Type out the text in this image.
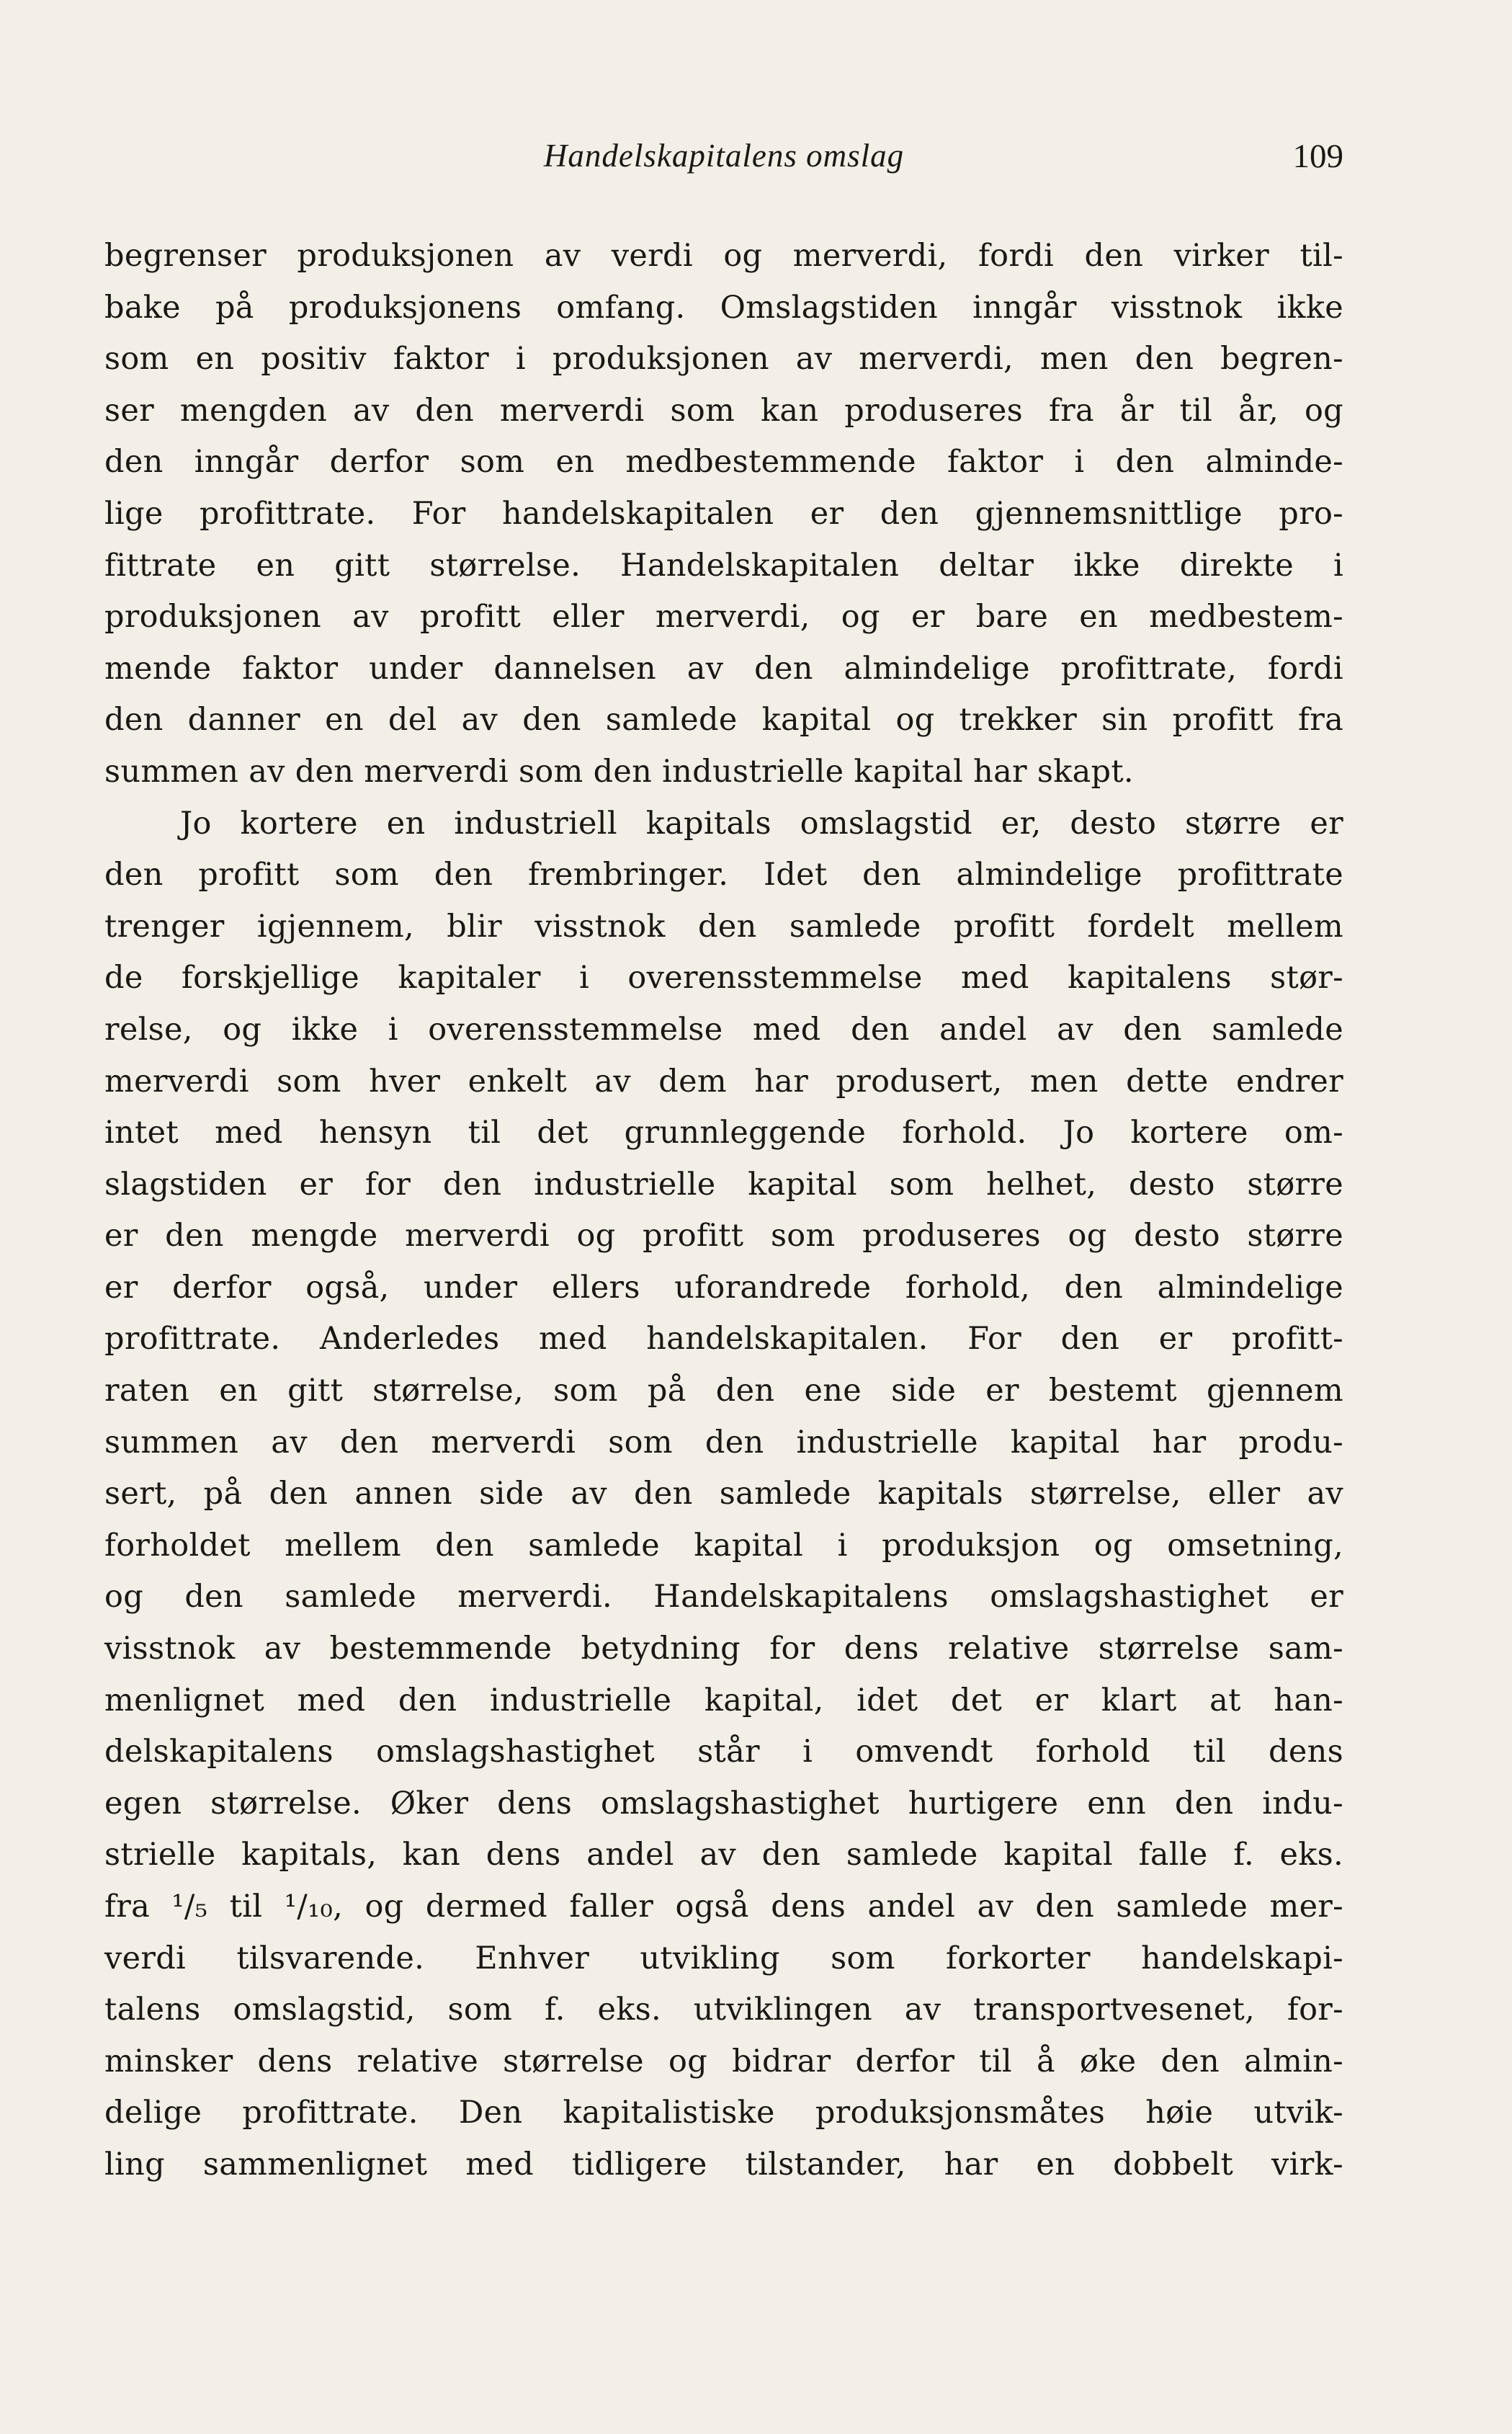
Handelskapitalens omslag	109
begrenser produksjonen av verdi og merverdi, fordi den virker til-
bake på produksjonens omfang. Omslagstiden inngår visstnok ikke
som en positiv faktor i produksjonen av merverdi, men den begren-
ser mengden av den merverdi som kan produseres fra år til år, og
den inngår derfor som en medbestemmende faktor i den alminde-
lige profittrate. For handelskapitalen er den gjennemsnittlige pro-
fittrate en gitt størrelse. Handelskapitalen deltar ikke direkte i
produksjonen av profitt eller merverdi, og er bare en medbestem-
mende faktor under dannelsen av den almindelige profittrate, fordi
den danner en del av den samlede kapital og trekker sin profitt fra
summen av den merverdi som den industrielle kapital har skapt.
Jo kortere en industriell kapitals omslagstid er, desto større er
den profitt som den frembringer. Idet den almindelige profittrate
trenger igjennem, blir visstnok den samlede profitt fordelt mellem
de forskjellige kapitaler i overensstemmelse med kapitalens stør-
relse, og ikke i overensstemmelse med den andel av den samlede
merverdi som hver enkelt av dem har produsert, men dette endrer
intet med hensyn til det grunnleggende forhold. Jo kortere om-
slagstiden er for den industrielle kapital som helhet, desto større
er den mengde merverdi og profitt som produseres og desto større
er derfor også, under ellers uforandrede forhold, den almindelige
profittrate. Anderledes med handelskapitalen. For den er profitt-
raten en gitt størrelse, som på den ene side er bestemt gjennem
summen av den merverdi som den industrielle kapital har produ-
sert, på den annen side av den samlede kapitals størrelse, eller av
forholdet mellem den samlede kapital i produksjon og omsetning,
og den samlede merverdi. Handelskapitalens omslagshastighet er
visstnok av bestemmende betydning for dens relative størrelse sam-
menlignet med den industrielle kapital, idet det er klart at han-
delskapitalens omslagshastighet står i omvendt forhold til dens
egen størrelse. Øker dens omslagshastighet hurtigere enn den indu-
strielle kapitals, kan dens andel av den samlede kapital falle f. eks.
fra ¹/₅ til ¹/₁₀, og dermed faller også dens andel av den samlede mer-
verdi tilsvarende. Enhver utvikling som forkorter handelskapi-
talens omslagstid, som f. eks. utviklingen av transportvesenet, for-
minsker dens relative størrelse og bidrar derfor til å øke den almin-
delige profittrate. Den kapitalistiske produksjonsmåtes høie utvik-
ling sammenlignet med tidligere tilstander, har en dobbelt virk-
